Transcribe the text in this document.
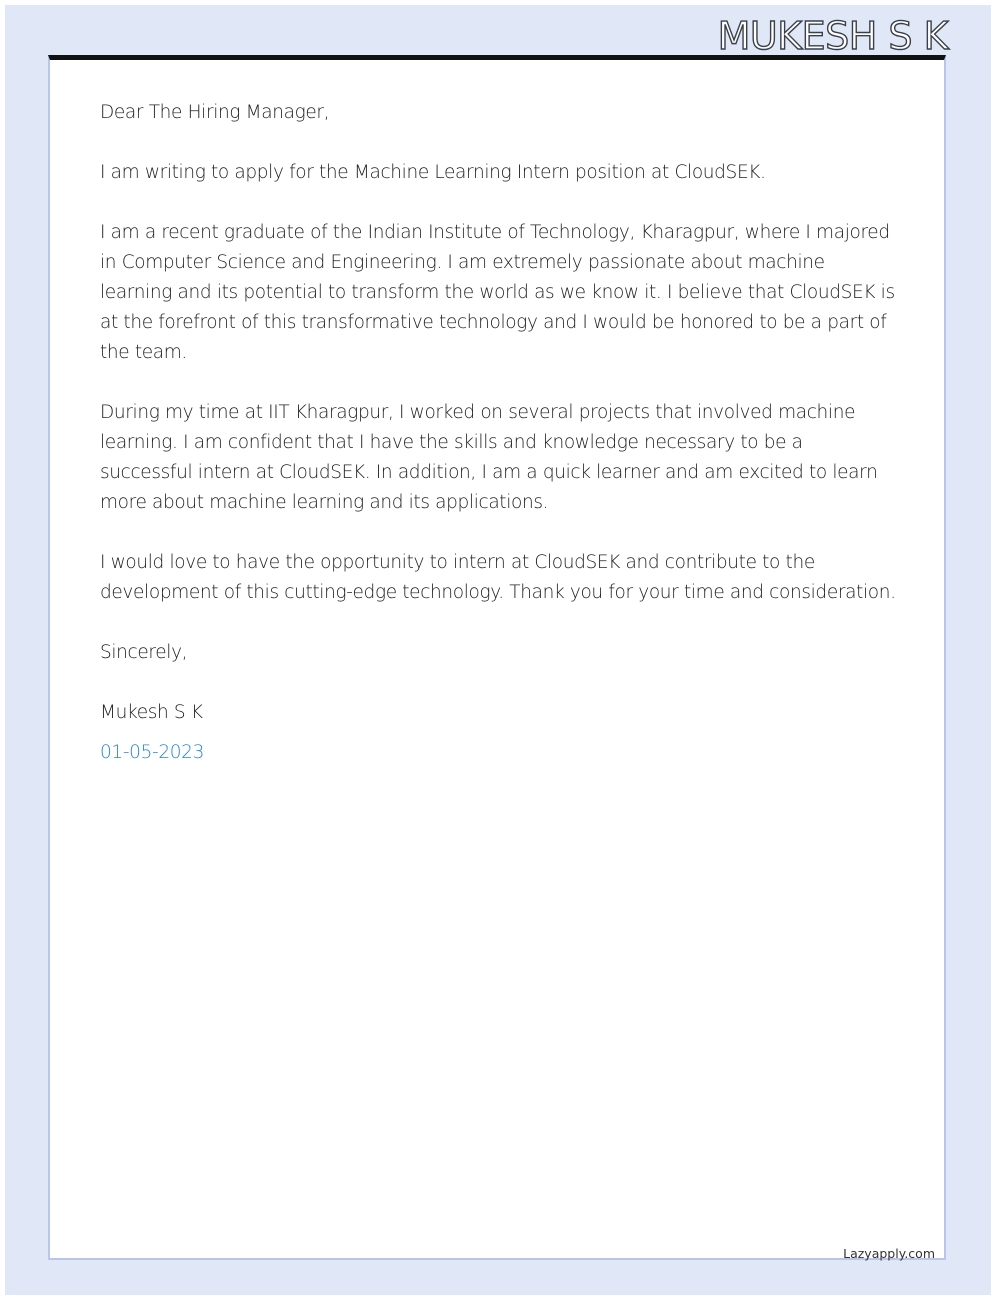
MUKESH S K

Dear The Hiring Manager,

I am writing to apply for the Machine Learning Intern position at CloudSEK.

I am a recent graduate of the Indian Institute of Technology, Kharagpur, where I majored in Computer Science and Engineering. I am extremely passionate about machine learning and its potential to transform the world as we know it. I believe that CloudSEK is at the forefront of this transformative technology and I would be honored to be a part of the team.

During my time at IIT Kharagpur, I worked on several projects that involved machine learning. I am confident that I have the skills and knowledge necessary to be a successful intern at CloudSEK. In addition, I am a quick learner and am excited to learn more about machine learning and its applications.

I would love to have the opportunity to intern at CloudSEK and contribute to the development of this cutting-edge technology. Thank you for your time and consideration.

Sincerely,

Mukesh S K

01-05-2023

Lazyapply.com
